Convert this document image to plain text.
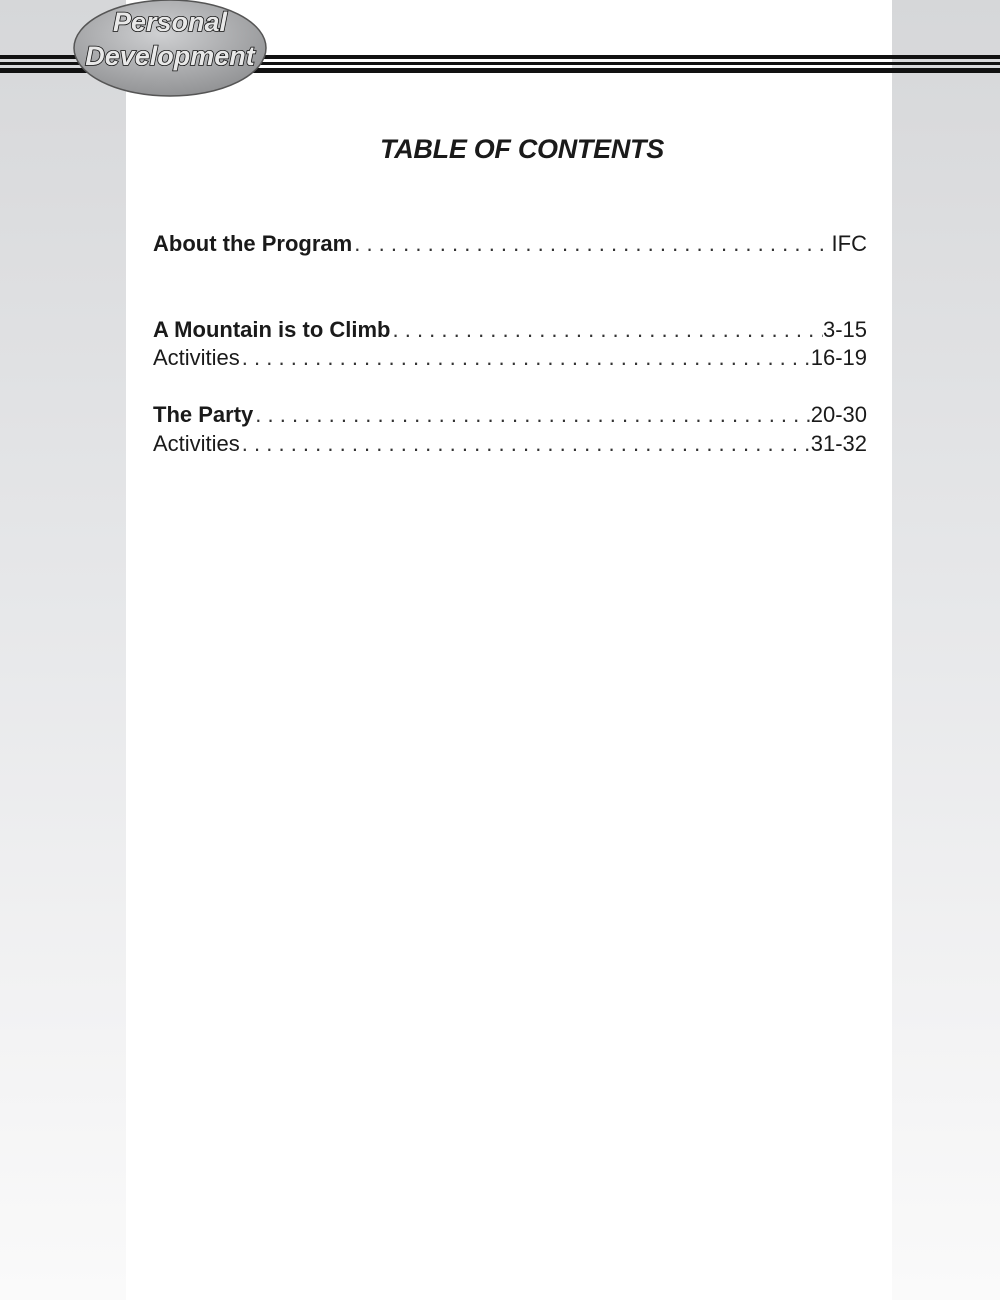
Personal
Development
TABLE OF CONTENTS
About the Program . . .	IFC
A Mountain is to Climb . . .	3-15
Activities . . .	16-19
The Party . . .	20-30
Activities . . .	31-32
